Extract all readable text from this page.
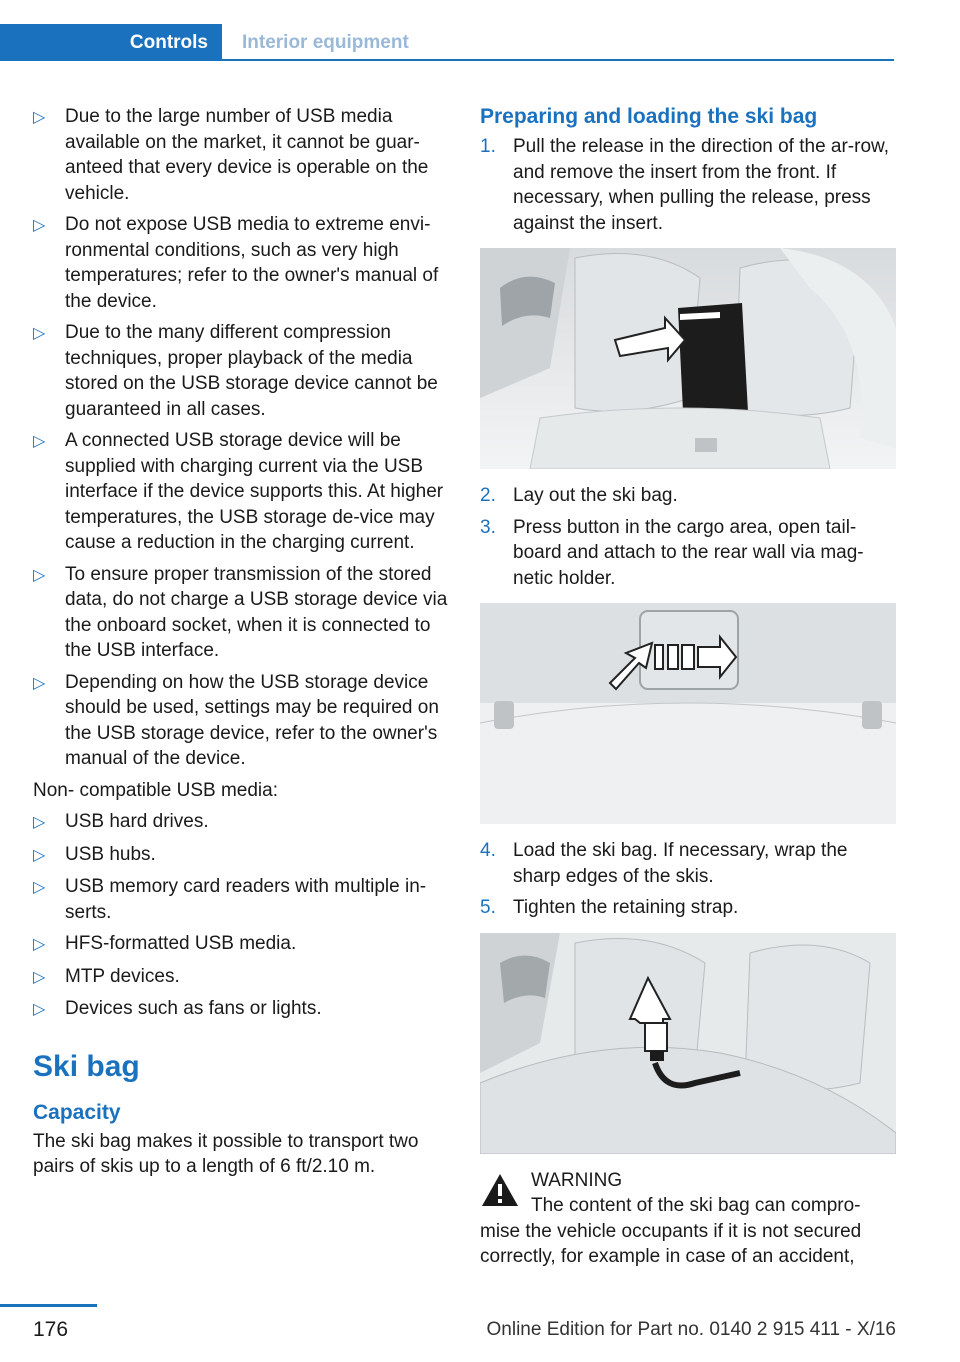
Controls	Interior equipment
▷	Due to the large number of USB media available on the market, it cannot be guar‐anteed that every device is operable on the vehicle.
▷	Do not expose USB media to extreme envi‐ronmental conditions, such as very high temperatures; refer to the owner's manual of the device.
▷	Due to the many different compression techniques, proper playback of the media stored on the USB storage device cannot be guaranteed in all cases.
▷	A connected USB storage device will be supplied with charging current via the USB interface if the device supports this. At higher temperatures, the USB storage de‐vice may cause a reduction in the charging current.
▷	To ensure proper transmission of the stored data, do not charge a USB storage device via the onboard socket, when it is connected to the USB interface.
▷	Depending on how the USB storage device should be used, settings may be required on the USB storage device, refer to the owner's manual of the device.
Non- compatible USB media:
▷	USB hard drives.
▷	USB hubs.
▷	USB memory card readers with multiple in‐serts.
▷	HFS-formatted USB media.
▷	MTP devices.
▷	Devices such as fans or lights.
Ski bag
Capacity
The ski bag makes it possible to transport two pairs of skis up to a length of 6 ft/2.10 m.
Preparing and loading the ski bag
1. Pull the release in the direction of the ar‐row, and remove the insert from the front. If necessary, when pulling the release, press against the insert.
2. Lay out the ski bag.
3. Press button in the cargo area, open tail‐board and attach to the rear wall via mag‐netic holder.
4. Load the ski bag. If necessary, wrap the sharp edges of the skis.
5. Tighten the retaining strap.
WARNING
The content of the ski bag can compro‐mise the vehicle occupants if it is not secured correctly, for example in case of an accident,
176	Online Edition for Part no. 0140 2 915 411 - X/16
